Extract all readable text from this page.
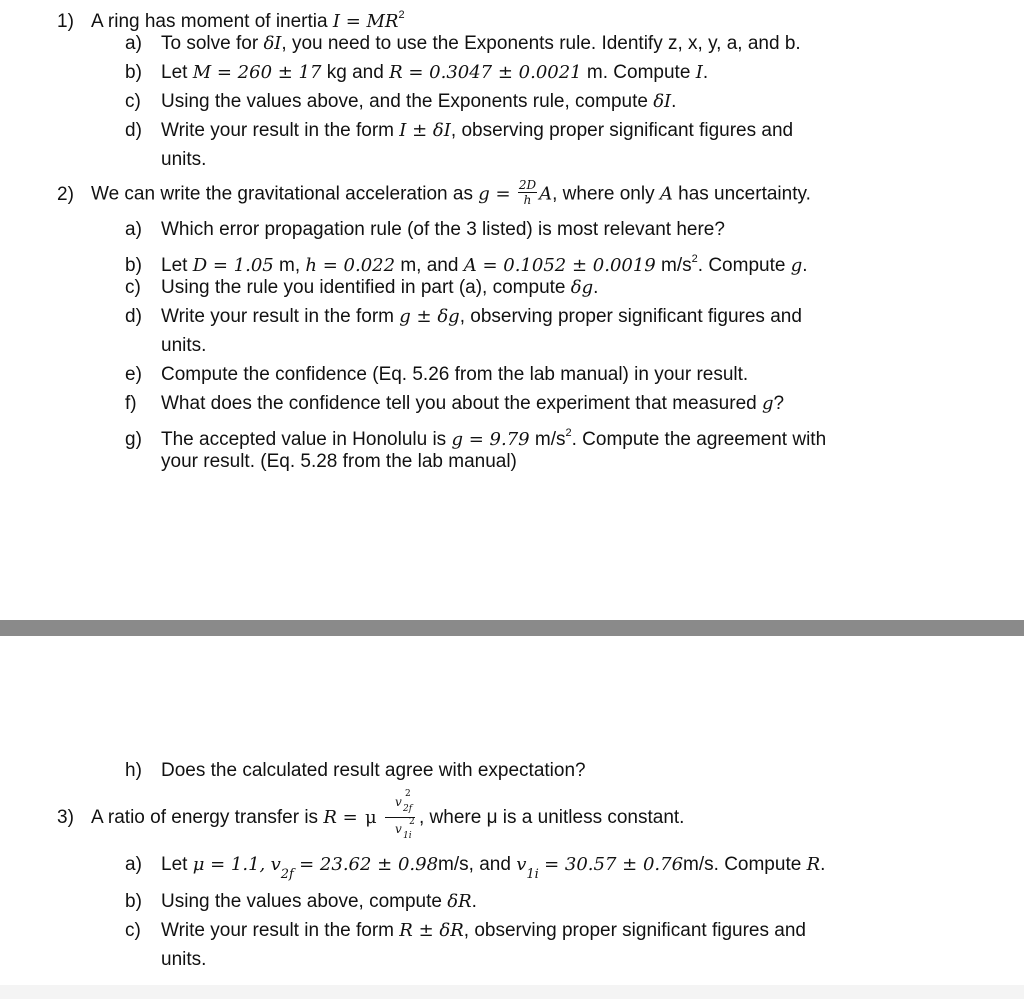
1) A ring has moment of inertia $I = MR^2$
a) To solve for δI, you need to use the Exponents rule. Identify z, x, y, a, and b.
b) Let M = 260 ± 17 kg and R = 0.3047 ± 0.0021 m. Compute I.
c) Using the values above, and the Exponents rule, compute δI.
d) Write your result in the form I ± δI, observing proper significant figures and
units.
2) We can write the gravitational acceleration as $g = \frac{2D}{h} A$, where only A has uncertainty.
a) Which error propagation rule (of the 3 listed) is most relevant here?
b) Let D = 1.05 m, h = 0.022 m, and A = 0.1052 ± 0.0019 $m/s^2$. Compute g.
c) Using the rule you identified in part (a), compute δg.
d) Write your result in the form g ± δg, observing proper significant figures and
units.
e) Compute the confidence (Eq. 5.26 from the lab manual) in your result.
f) What does the confidence tell you about the experiment that measured g?
g) The accepted value in Honolulu is g = 9.79 $m/s^2$. Compute the agreement with
your result. (Eq. 5.28 from the lab manual)
h) Does the calculated result agree with expectation?
3) A ratio of energy transfer is R = μ
v 2f
2
v 1i
2 , where μ is a unitless constant.
a) Let μ = 1.1, $v_{2f} = 23.62 \pm 0.98m/s$, and $v_{1i} = 30.57 \pm 0.76m/s$. Compute R.
b) Using the values above, compute δR.
c) Write your result in the form R ± δR, observing proper significant figures and
units.
